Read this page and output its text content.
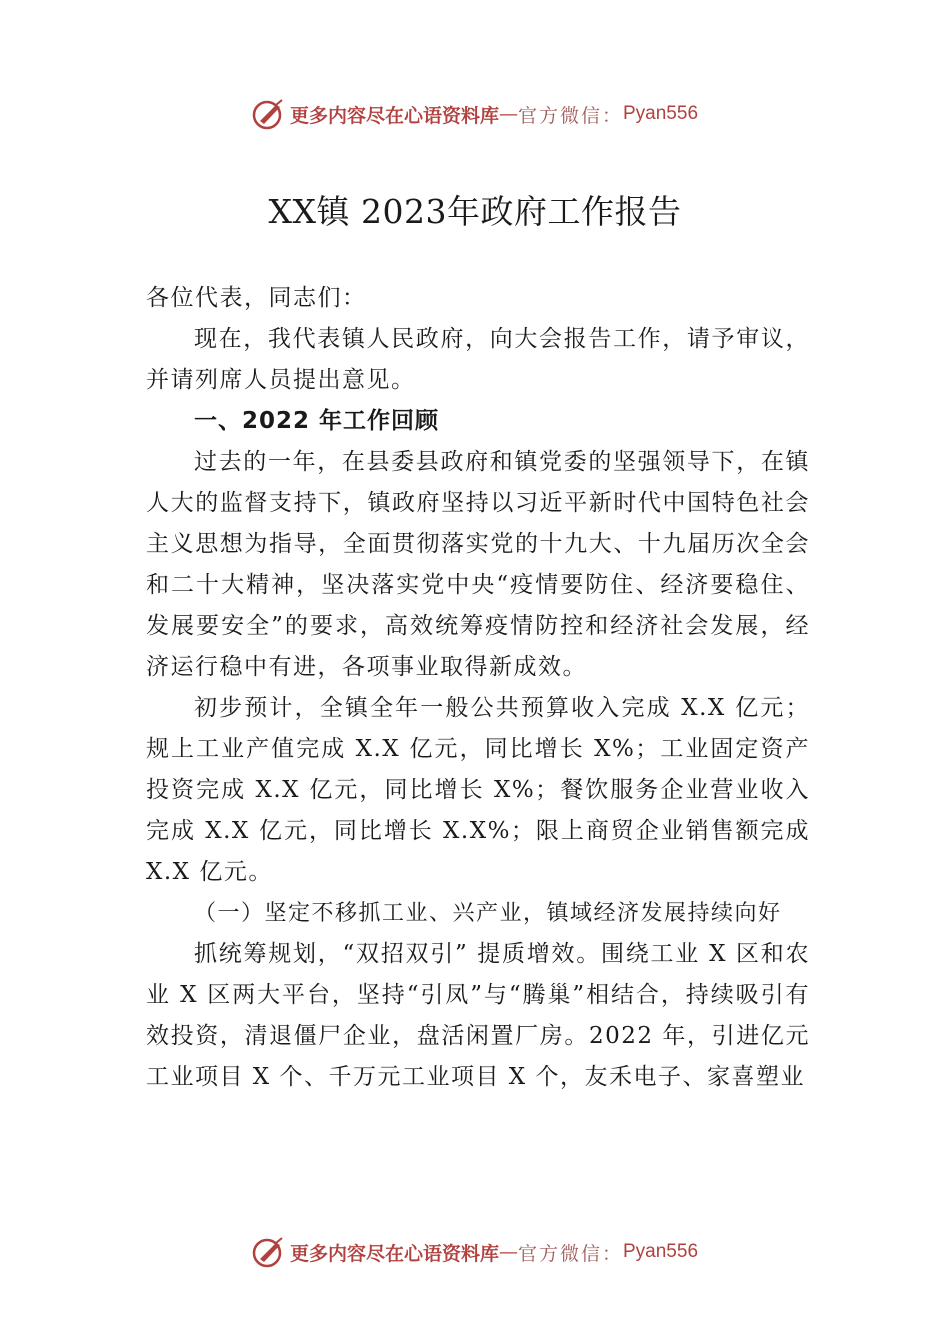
更多内容尽在心语资料库 — 官方微信： Pyan556
XX镇 2023年政府工作报告

各位代表，同志们：

现在，我代表镇人民政府，向大会报告工作，请予审议，并请列席人员提出意见。

一、2022 年工作回顾

过去的一年，在县委县政府和镇党委的坚强领导下，在镇人大的监督支持下，镇政府坚持以习近平新时代中国特色社会主义思想为指导，全面贯彻落实党的十九大、十九届历次全会和二十大精神，坚决落实党中央“疫情要防住、经济要稳住、发展要安全”的要求，高效统筹疫情防控和经济社会发展，经济运行稳中有进，各项事业取得新成效。

初步预计，全镇全年一般公共预算收入完成 X.X 亿元；规上工业产值完成 X.X 亿元，同比增长 X%；工业固定资产投资完成 X.X 亿元，同比增长 X%；餐饮服务企业营业收入完成 X.X 亿元，同比增长 X.X%；限上商贸企业销售额完成 X.X 亿元。

（一）坚定不移抓工业、兴产业，镇域经济发展持续向好

抓统筹规划，“双招双引” 提质增效。围绕工业 X 区和农业 X 区两大平台，坚持“引凤”与“腾巢”相结合，持续吸引有效投资，清退僵尸企业，盘活闲置厂房。2022 年，引进亿元工业项目 X 个、千万元工业项目 X 个，友禾电子、家喜塑业

更多内容尽在心语资料库 — 官方微信： Pyan556
